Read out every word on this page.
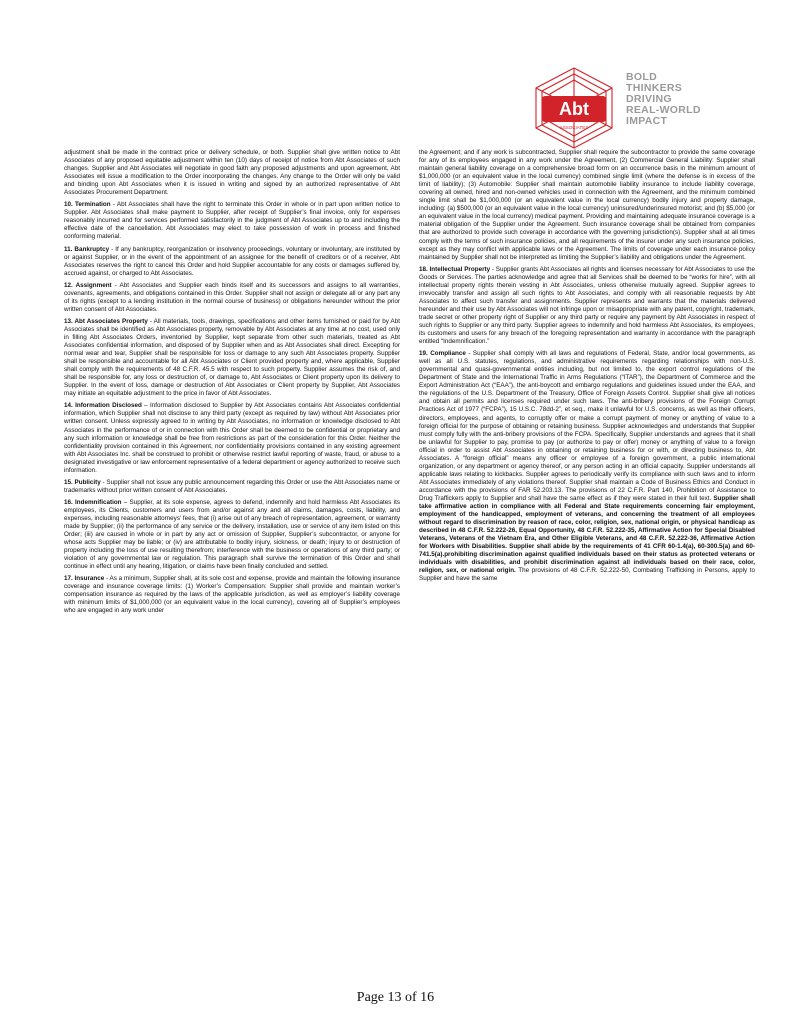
Abt
ASSOCIATES
BOLD
THINKERS
DRIVING
REAL-WORLD
IMPACT

adjustment shall be made in the contract price or delivery schedule, or both. Supplier shall give written notice to Abt Associates of any proposed equitable adjustment within ten (10) days of receipt of notice from Abt Associates of such changes. Supplier and Abt Associates will negotiate in good faith any proposed adjustments and upon agreement, Abt Associates will issue a modification to the Order incorporating the changes. Any change to the Order will only be valid and binding upon Abt Associates when it is issued in writing and signed by an authorized representative of Abt Associates Procurement Department.

10. Termination - Abt Associates shall have the right to terminate this Order in whole or in part upon written notice to Supplier. Abt Associates shall make payment to Supplier, after receipt of Supplier’s final invoice, only for expenses reasonably incurred and for services performed satisfactorily in the judgment of Abt Associates up to and including the effective date of the cancellation. Abt Associates may elect to take possession of work in process and finished conforming material.

11. Bankruptcy - If any bankruptcy, reorganization or insolvency proceedings, voluntary or involuntary, are instituted by or against Supplier, or in the event of the appointment of an assignee for the benefit of creditors or of a receiver, Abt Associates reserves the right to cancel this Order and hold Supplier accountable for any costs or damages suffered by, accrued against, or charged to Abt Associates.

12. Assignment - Abt Associates and Supplier each binds itself and its successors and assigns to all warranties, covenants, agreements, and obligations contained in this Order. Supplier shall not assign or delegate all or any part any of its rights (except to a lending institution in the normal course of business) or obligations hereunder without the prior written consent of Abt Associates.

13. Abt Associates Property - All materials, tools, drawings, specifications and other items furnished or paid for by Abt Associates shall be identified as Abt Associates property, removable by Abt Associates at any time at no cost, used only in filling Abt Associates Orders, inventoried by Supplier, kept separate from other such materials, treated as Abt Associates confidential information, and disposed of by Supplier when and as Abt Associates shall direct. Excepting for normal wear and tear, Supplier shall be responsible for loss or damage to any such Abt Associates property. Supplier shall be responsible and accountable for all Abt Associates or Client provided property and, where applicable, Supplier shall comply with the requirements of 48 C.F.R. 45.5 with respect to such property. Supplier assumes the risk of, and shall be responsible for, any loss or destruction of, or damage to, Abt Associates or Client property upon its delivery to Supplier. In the event of loss, damage or destruction of Abt Associates or Client property by Supplier, Abt Associates may initiate an equitable adjustment to the price in favor of Abt Associates.

14. Information Disclosed – Information disclosed to Supplier by Abt Associates contains Abt Associates confidential information, which Supplier shall not disclose to any third party (except as required by law) without Abt Associates prior written consent. Unless expressly agreed to in writing by Abt Associates, no information or knowledge disclosed to Abt Associates in the performance of or in connection with this Order shall be deemed to be confidential or proprietary and any such information or knowledge shall be free from restrictions as part of the consideration for this Order. Neither the confidentiality provision contained in this Agreement, nor confidentiality provisions contained in any existing agreement with Abt Associates Inc. shall be construed to prohibit or otherwise restrict lawful reporting of waste, fraud, or abuse to a designated investigative or law enforcement representative of a federal department or agency authorized to receive such information.

15. Publicity - Supplier shall not issue any public announcement regarding this Order or use the Abt Associates name or trademarks without prior written consent of Abt Associates.

16. Indemnification – Supplier, at its sole expense, agrees to defend, indemnify and hold harmless Abt Associates its employees, its Clients, customers and users from and/or against any and all claims, damages, costs, liability, and expenses, including reasonable attorneys’ fees, that (i) arise out of any breach of representation, agreement, or warranty made by Supplier; (ii) the performance of any service or the delivery, installation, use or service of any item listed on this Order; (iii) are caused in whole or in part by any act or omission of Supplier, Supplier’s subcontractor, or anyone for whose acts Supplier may be liable; or (iv) are attributable to bodily injury, sickness, or death; injury to or destruction of property including the loss of use resulting therefrom; interference with the business or operations of any third party; or violation of any governmental law or regulation. This paragraph shall survive the termination of this Order and shall continue in effect until any hearing, litigation, or claims have been finally concluded and settled.

17. Insurance - As a minimum, Supplier shall, at its sole cost and expense, provide and maintain the following insurance coverage and insurance coverage limits: (1) Worker’s Compensation: Supplier shall provide and maintain worker’s compensation insurance as required by the laws of the applicable jurisdiction, as well as employer’s liability coverage with minimum limits of $1,000,000 (or an equivalent value in the local currency), covering all of Supplier’s employees who are engaged in any work under

the Agreement; and if any work is subcontracted, Supplier shall require the subcontractor to provide the same coverage for any of its employees engaged in any work under the Agreement, (2) Commercial General Liability: Supplier shall maintain general liability coverage on a comprehensive broad form on an occurrence basis in the minimum amount of $1,000,000 (or an equivalent value in the local currency) combined single limit (where the defense is in excess of the limit of liability); (3) Automobile: Supplier shall maintain automobile liability insurance to include liability coverage, covering all owned, hired and non-owned vehicles used in connection with the Agreement, and the minimum combined single limit shall be $1,000,000 (or an equivalent value in the local currency) bodily injury and property damage, including: (a) $500,000 (or an equivalent value in the local currency) uninsured/underinsured motorist; and (b) $5,000 (or an equivalent value in the local currency) medical payment. Providing and maintaining adequate insurance coverage is a material obligation of the Supplier under the Agreement. Such insurance coverage shall be obtained from companies that are authorized to provide such coverage in accordance with the governing jurisdiction(s). Supplier shall at all times comply with the terms of such insurance policies, and all requirements of the insurer under any such insurance policies, except as they may conflict with applicable laws or the Agreement. The limits of coverage under each insurance policy maintained by Supplier shall not be interpreted as limiting the Supplier’s liability and obligations under the Agreement.

18. Intellectual Property - Supplier grants Abt Associates all rights and licenses necessary for Abt Associates to use the Goods or Services. The parties acknowledge and agree that all Services shall be deemed to be “works for hire”, with all intellectual property rights therein vesting in Abt Associates, unless otherwise mutually agreed. Supplier agrees to irrevocably transfer and assign all such rights to Abt Associates, and comply with all reasonable requests by Abt Associates to affect such transfer and assignments. Supplier represents and warrants that the materials delivered hereunder and their use by Abt Associates will not infringe upon or misappropriate with any patent, copyright, trademark, trade secret or other property right of Supplier or any third party or require any payment by Abt Associates in respect of such rights to Supplier or any third party. Supplier agrees to indemnify and hold harmless Abt Associates, its employees, its customers and users for any breach of the foregoing representation and warranty in accordance with the paragraph entitled “Indemnification.”

19. Compliance - Supplier shall comply with all laws and regulations of Federal, State, and/or local governments, as well as all U.S. statutes, regulations, and administrative requirements regarding relationships with non-U.S. governmental and quasi-governmental entities including, but not limited to, the export control regulations of the Department of State and the International Traffic in Arms Regulations (“ITAR”), the Department of Commerce and the Export Administration Act (“EAA”), the anti-boycott and embargo regulations and guidelines issued under the EAA, and the regulations of the U.S. Department of the Treasury, Office of Foreign Assets Control. Supplier shall give all notices and obtain all permits and licenses required under such laws. The anti-bribery provisions of the Foreign Corrupt Practices Act of 1977 (“FCPA”), 15 U.S.C. 78dd-2”, et seq., make it unlawful for U.S. concerns, as well as their officers, directors, employees, and agents, to corruptly offer or make a corrupt payment of money or anything of value to a foreign official for the purpose of obtaining or retaining business. Supplier acknowledges and understands that Supplier must comply fully with the anti-bribery provisions of the FCPA. Specifically, Supplier understands and agrees that it shall be unlawful for Supplier to pay, promise to pay (or authorize to pay or offer) money or anything of value to a foreign official in order to assist Abt Associates in obtaining or retaining business for or with, or directing business to, Abt Associates. A “foreign official” means any officer or employee of a foreign government, a public international organization, or any department or agency thereof, or any person acting in an official capacity. Supplier understands all applicable laws relating to kickbacks. Supplier agrees to periodically verify its compliance with such laws and to inform Abt Associates immediately of any violations thereof. Supplier shall maintain a Code of Business Ethics and Conduct in accordance with the provisions of FAR 52.203.13. The provisions of 22 C.F.R. Part 140, Prohibition of Assistance to Drug Traffickers apply to Supplier and shall have the same effect as if they were stated in their full text. Supplier shall take affirmative action in compliance with all Federal and State requirements concerning fair employment, employment of the handicapped, employment of veterans, and concerning the treatment of all employees without regard to discrimination by reason of race, color, religion, sex, national origin, or physical handicap as described in 48 C.F.R. 52.222-26, Equal Opportunity, 48 C.F.R. 52.222-35, Affirmative Action for Special Disabled Veterans, Veterans of the Vietnam Era, and Other Eligible Veterans, and 48 C.F.R. 52.222-36, Affirmative Action for Workers with Disabilities. Supplier shall abide by the requirements of 41 CFR 60-1.4(a), 60-300.5(a) and 60-741.5(a).prohibiting discrimination against qualified individuals based on their status as protected veterans or individuals with disabilities, and prohibit discrimination against all individuals based on their race, color, religion, sex, or national origin. The provisions of 48 C.F.R. 52.222-50, Combating Trafficking in Persons, apply to Supplier and have the same

Page 13 of 16
